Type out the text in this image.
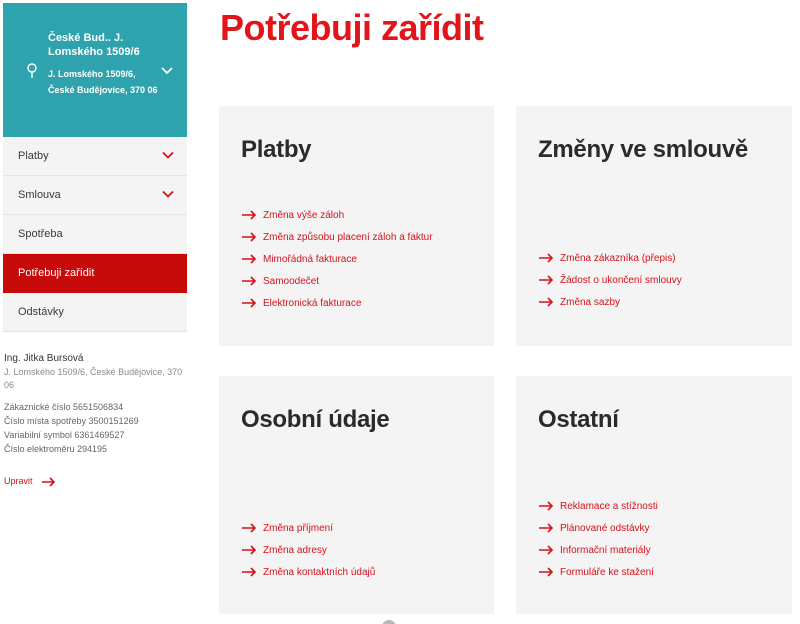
České Bud.. J. Lomského 1509/6
J. Lomského 1509/6, České Budějovice, 370 06
Platby
Smlouva
Spotřeba
Potřebuji zařídit
Odstávky
Ing. Jitka Bursová
J. Lomského 1509/6, České Budějovice, 370 06
Zákaznické číslo 5651506834
Číslo místa spotřeby 3500151269
Variabilní symbol 6361469527
Číslo elektroměru 294195
Upravit
Potřebuji zařídit
Platby
Změna výše záloh
Změna způsobu placení záloh a faktur
Mimořádná fakturace
Samoodečet
Elektronická fakturace
Změny ve smlouvě
Změna zákazníka (přepis)
Žádost o ukončení smlouvy
Změna sazby
Osobní údaje
Změna příjmení
Změna adresy
Změna kontaktních údajů
Ostatní
Reklamace a stížnosti
Plánované odstávky
Informační materiály
Formuláře ke stažení
